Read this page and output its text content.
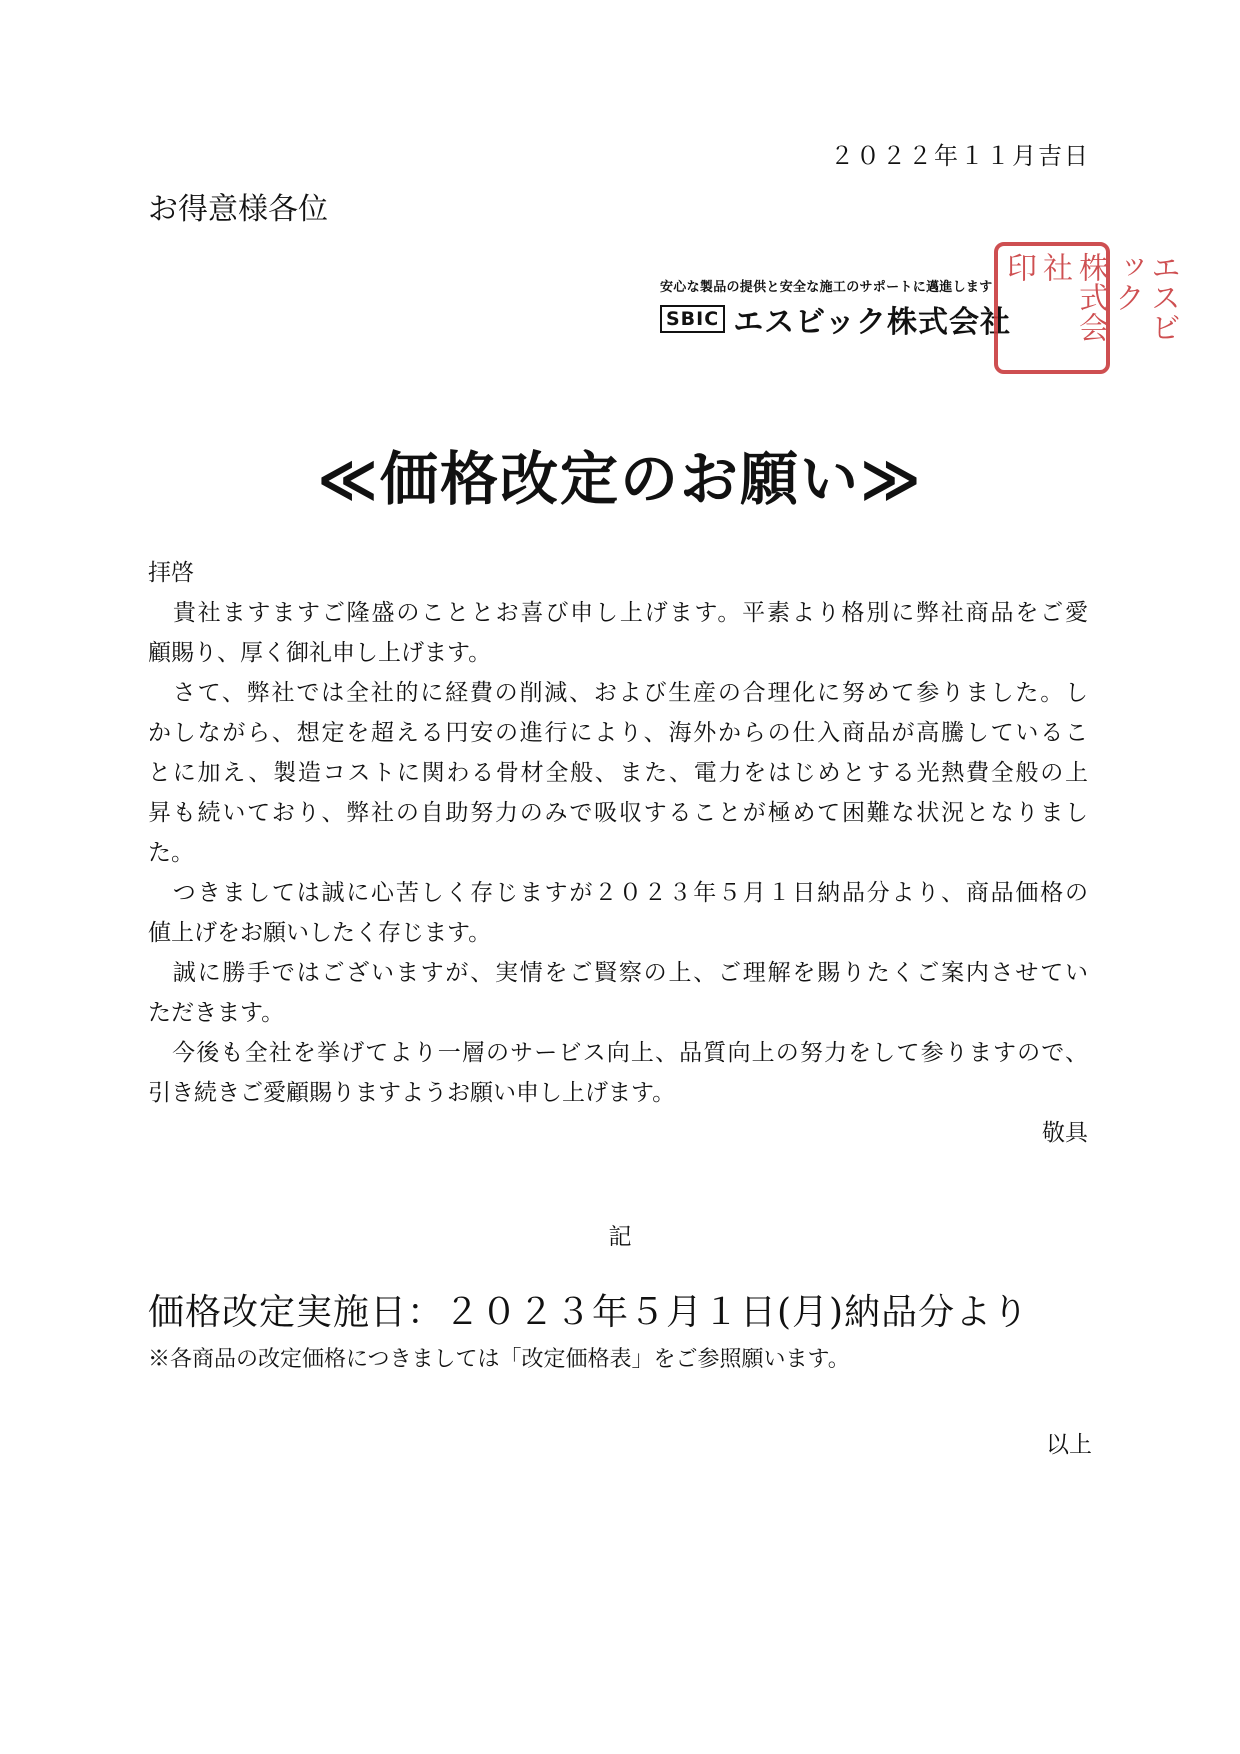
２０２２年１１月吉日
お得意様各位
安心な製品の提供と安全な施工のサポートに邁進します
SBIC エスビック株式会社	エスビック
株式会社
印
≪価格改定のお願い≫
拝啓
　貴社ますますご隆盛のこととお喜び申し上げます。平素より格別に弊社商品をご愛
顧賜り、厚く御礼申し上げます。
　さて、弊社では全社的に経費の削減、および生産の合理化に努めて参りました。し
かしながら、想定を超える円安の進行により、海外からの仕入商品が高騰しているこ
とに加え、製造コストに関わる骨材全般、また、電力をはじめとする光熱費全般の上
昇も続いており、弊社の自助努力のみで吸収することが極めて困難な状況となりまし
た。
　つきましては誠に心苦しく存じますが２０２３年５月１日納品分より、商品価格の
値上げをお願いしたく存じます。
　誠に勝手ではございますが、実情をご賢察の上、ご理解を賜りたくご案内させてい
ただきます。
　今後も全社を挙げてより一層のサービス向上、品質向上の努力をして参りますので、
引き続きご愛顧賜りますようお願い申し上げます。
敬具
記
価格改定実施日：２０２３年５月１日(月)納品分より
※各商品の改定価格につきましては「改定価格表」をご参照願います。
以上
